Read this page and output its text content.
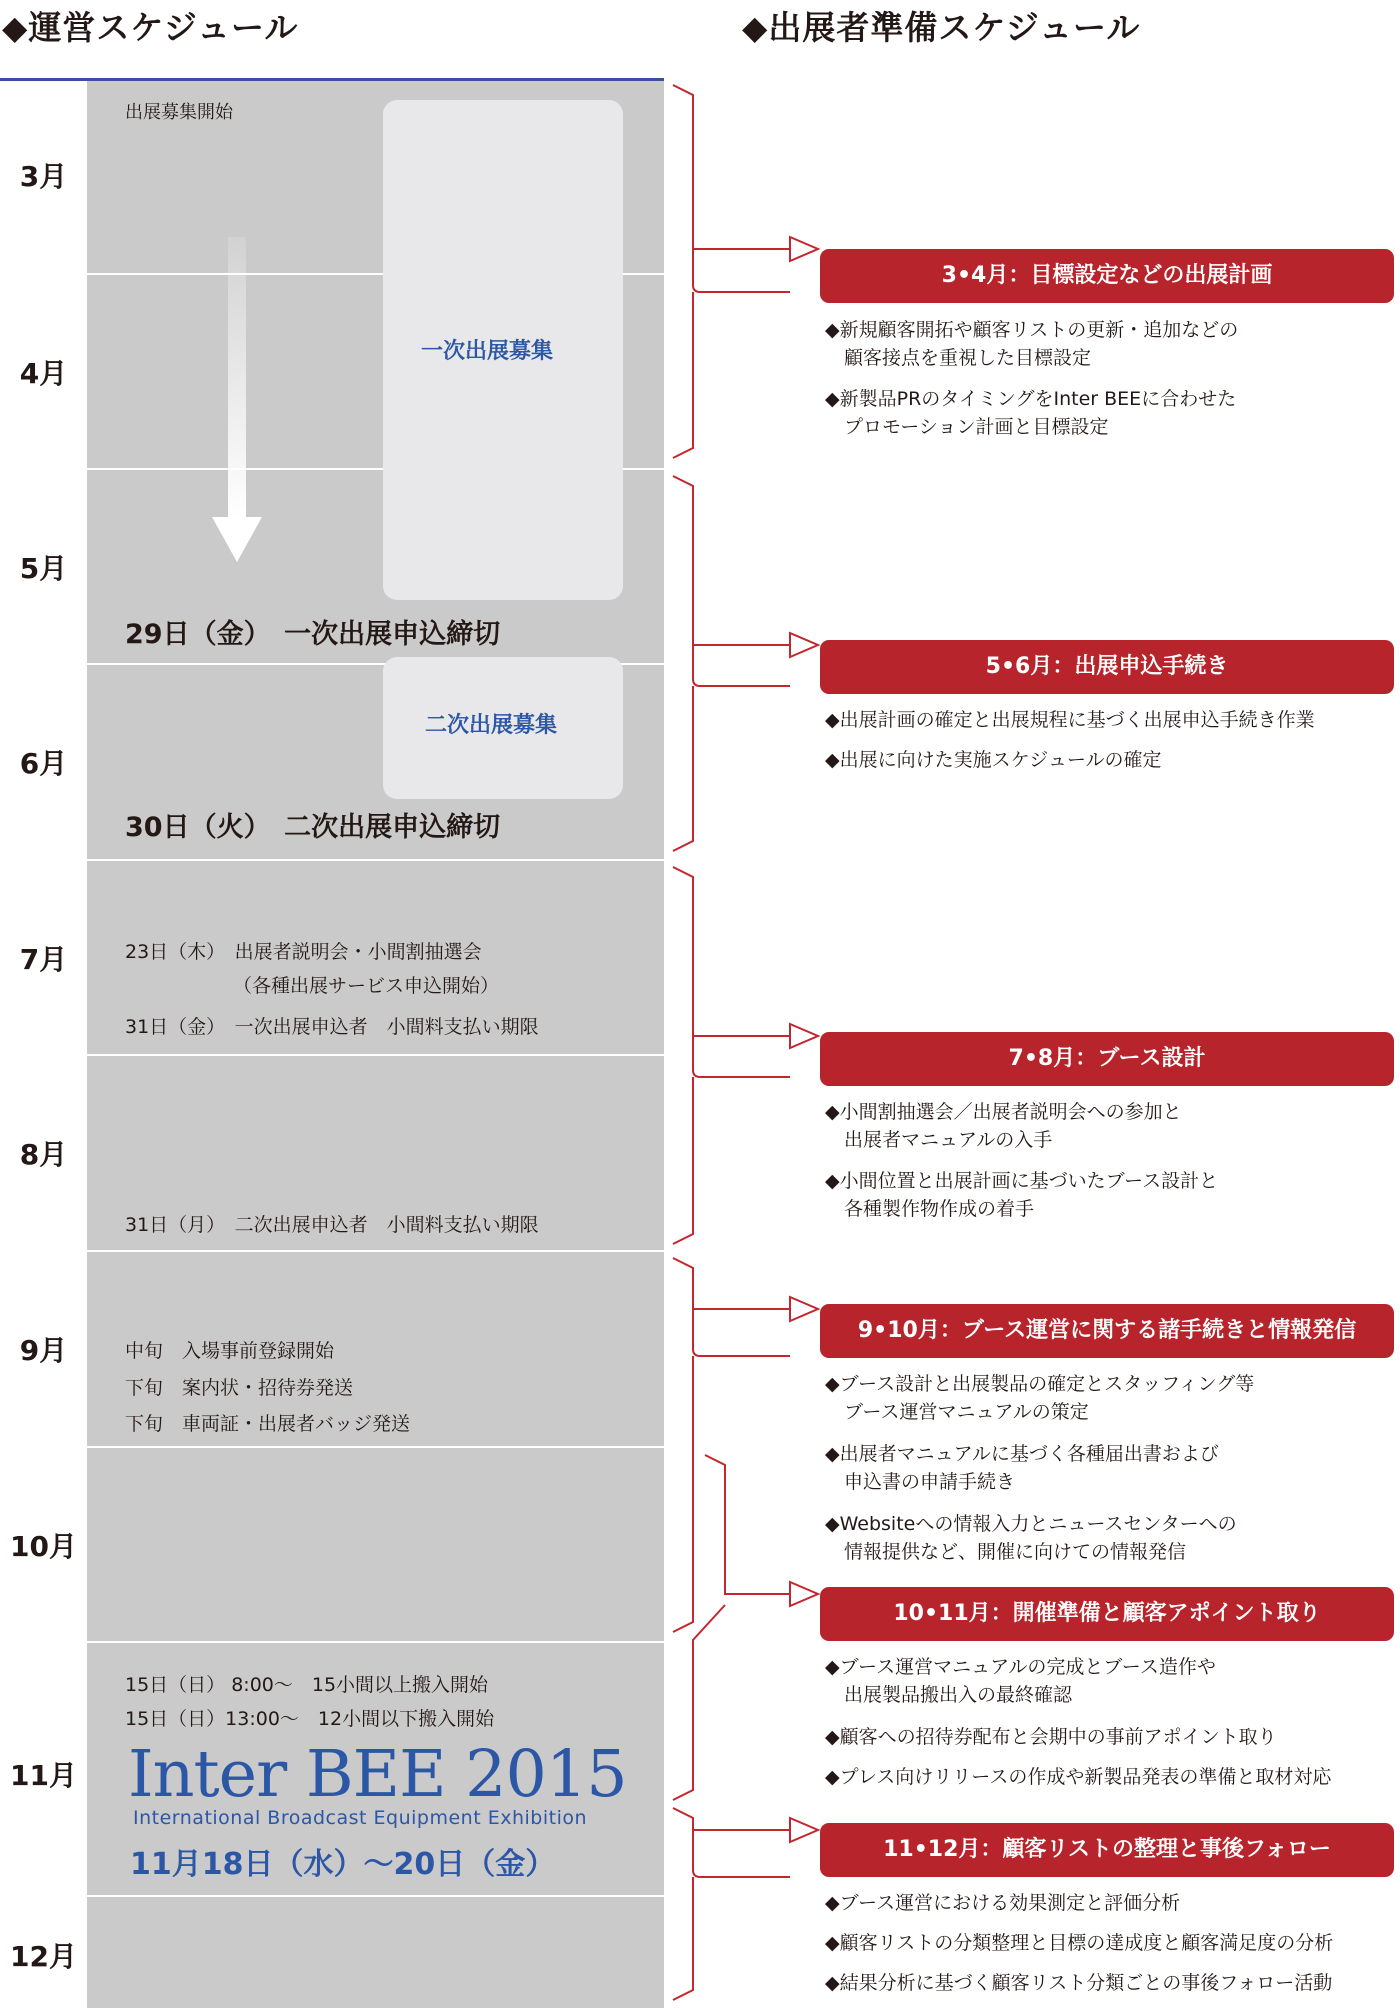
◆運営スケジュール	◆出展者準備スケジュール
3月
4月
5月
6月
7月
8月
9月
10月
11月
12月
一次出展募集
二次出展募集
出展募集開始
29日（金）　一次出展申込締切
30日（火）　二次出展申込締切
23日（木）　出展者説明会・小間割抽選会
（各種出展サービス申込開始）
31日（金）　一次出展申込者　小間料支払い期限
31日（月）　二次出展申込者　小間料支払い期限
中旬　入場事前登録開始
下旬　案内状・招待券発送
下旬　車両証・出展者バッジ発送
15日（日） 8:00～　15小間以上搬入開始
15日（日）13:00～　12小間以下搬入開始
Inter BEE 2015
International Broadcast Equipment Exhibition
11月18日（水）～20日（金）
3•4月：目標設定などの出展計画
◆新規顧客開拓や顧客リストの更新・追加などの
　顧客接点を重視した目標設定
◆新製品PRのタイミングをInter BEEに合わせた
　プロモーション計画と目標設定
5•6月：出展申込手続き
◆出展計画の確定と出展規程に基づく出展申込手続き作業
◆出展に向けた実施スケジュールの確定
7•8月：ブース設計
◆小間割抽選会／出展者説明会への参加と
　出展者マニュアルの入手
◆小間位置と出展計画に基づいたブース設計と
　各種製作物作成の着手
9•10月：ブース運営に関する諸手続きと情報発信
◆ブース設計と出展製品の確定とスタッフィング等
　ブース運営マニュアルの策定
◆出展者マニュアルに基づく各種届出書および
　申込書の申請手続き
◆Websiteへの情報入力とニュースセンターへの
　情報提供など、開催に向けての情報発信
10•11月：開催準備と顧客アポイント取り
◆ブース運営マニュアルの完成とブース造作や
　出展製品搬出入の最終確認
◆顧客への招待券配布と会期中の事前アポイント取り
◆プレス向けリリースの作成や新製品発表の準備と取材対応
11•12月：顧客リストの整理と事後フォロー
◆ブース運営における効果測定と評価分析
◆顧客リストの分類整理と目標の達成度と顧客満足度の分析
◆結果分析に基づく顧客リスト分類ごとの事後フォロー活動
